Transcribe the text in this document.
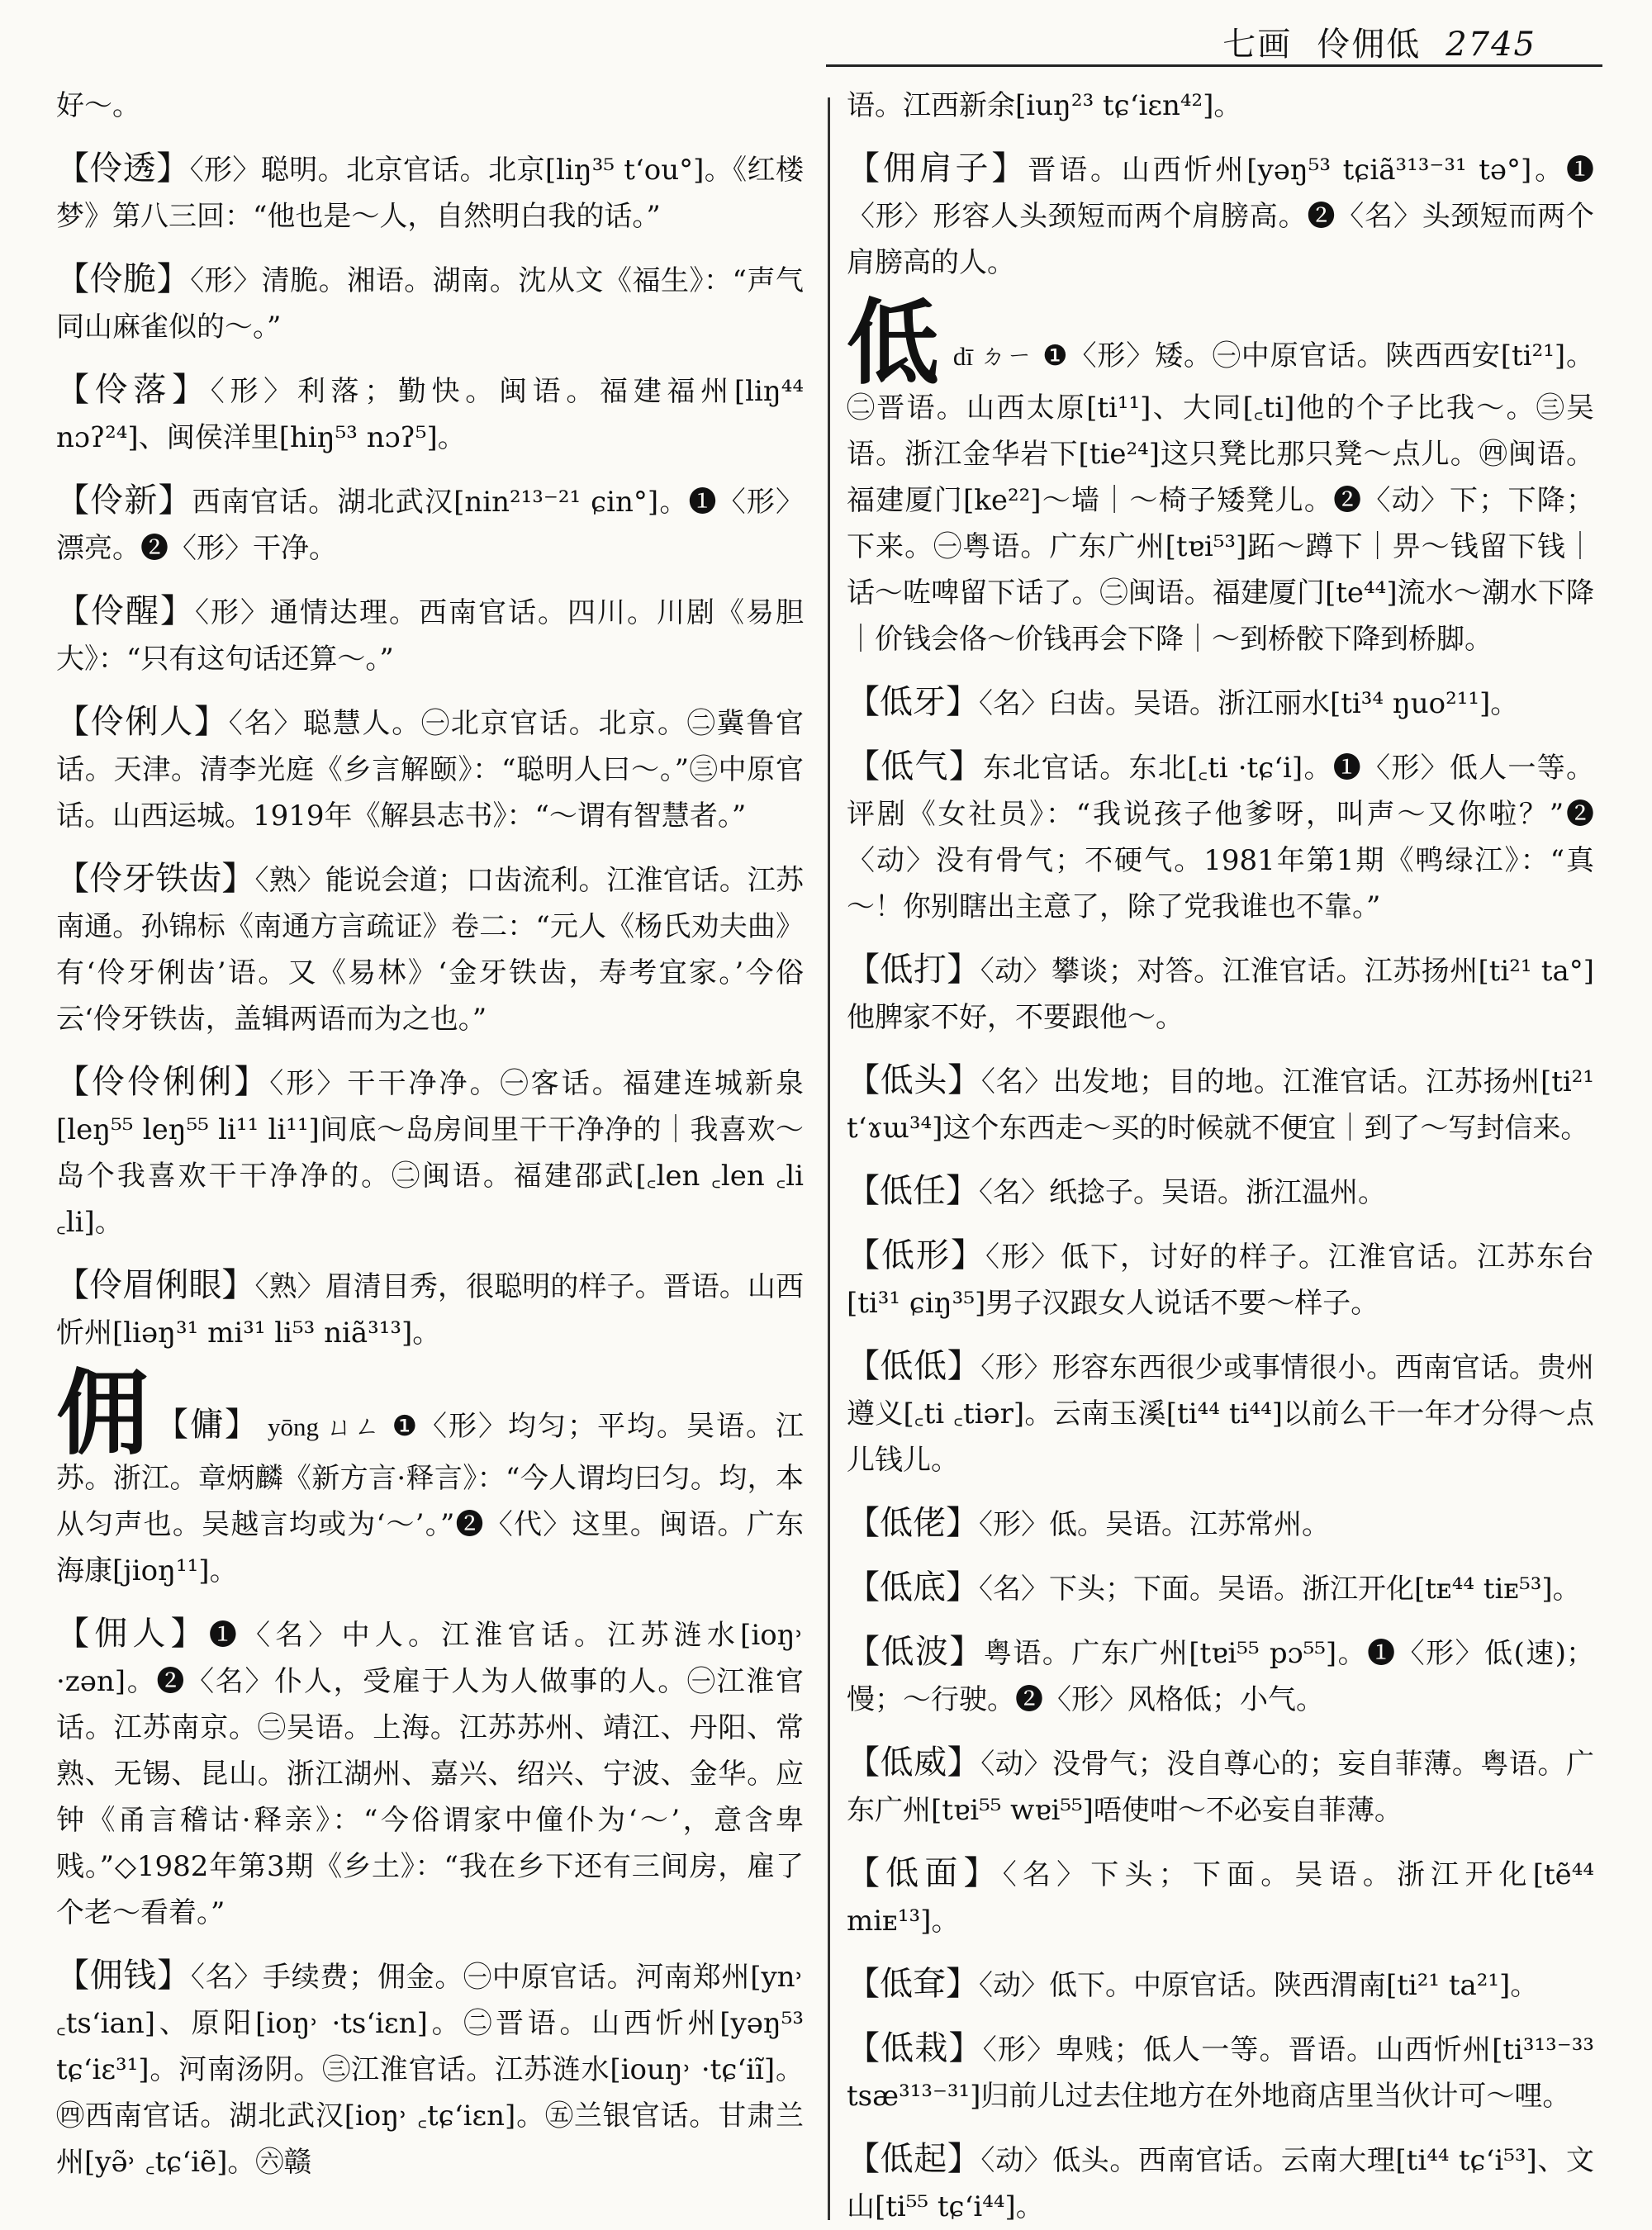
七画 伶佣低 2745

好～。

【伶透】〈形〉聪明。北京官话。北京[liŋ³⁵ t‘ou°]。《红楼梦》第八三回：“他也是～人，自然明白我的话。”

【伶脆】〈形〉清脆。湘语。湖南。沈从文《福生》：“声气同山麻雀似的～。”

【伶落】〈形〉利落；勤快。闽语。福建福州[liŋ⁴⁴ nɔʔ²⁴]、闽侯洋里[hiŋ⁵³ nɔʔ⁵]。

【伶新】西南官话。湖北武汉[nin²¹³⁻²¹ ɕin°]。❶〈形〉漂亮。❷〈形〉干净。

【伶醒】〈形〉通情达理。西南官话。四川。川剧《易胆大》：“只有这句话还算～。”

【伶俐人】〈名〉聪慧人。㊀北京官话。北京。㊁冀鲁官话。天津。清李光庭《乡言解颐》：“聪明人曰～。”㊂中原官话。山西运城。1919年《解县志书》：“～谓有智慧者。”

【伶牙铁齿】〈熟〉能说会道；口齿流利。江淮官话。江苏南通。孙锦标《南通方言疏证》卷二：“元人《杨氏劝夫曲》有‘伶牙俐齿’语。又《易林》‘金牙铁齿，寿考宜家。’今俗云‘伶牙铁齿，盖辑两语而为之也。”

【伶伶俐俐】〈形〉干干净净。㊀客话。福建连城新泉[leŋ⁵⁵ leŋ⁵⁵ li¹¹ li¹¹]间底～岛房间里干干净净的｜我喜欢～岛个我喜欢干干净净的。㊁闽语。福建邵武[꜀len ꜀len ꜀li ꜀li]。

【伶眉俐眼】〈熟〉眉清目秀，很聪明的样子。晋语。山西忻州[liəŋ³¹ mi³¹ li⁵³ niã³¹³]。

佣 【傭】 yōng ㄩㄥ ❶〈形〉均匀；平均。吴语。江苏。浙江。章炳麟《新方言·释言》：“今人谓均曰匀。均，本从匀声也。吴越言均或为‘～’。”❷〈代〉这里。闽语。广东海康[jioŋ¹¹]。

【佣人】❶〈名〉中人。江淮官话。江苏涟水[ioŋ˒ ·zən]。❷〈名〉仆人，受雇于人为人做事的人。㊀江淮官话。江苏南京。㊁吴语。上海。江苏苏州、靖江、丹阳、常熟、无锡、昆山。浙江湖州、嘉兴、绍兴、宁波、金华。应钟《甬言稽诂·释亲》：“今俗谓家中僮仆为‘～’，意含卑贱。”◇1982年第3期《乡土》：“我在乡下还有三间房，雇了个老～看着。”

【佣钱】〈名〉手续费；佣金。㊀中原官话。河南郑州[yn˒ ꜀tsʻian]、原阳[ioŋ˒ ·tsʻiɛn]。㊁晋语。山西忻州[yəŋ⁵³ tɕʻiɛ³¹]。河南汤阴。㊂江淮官话。江苏涟水[iouŋ˒ ·tɕʻiĩ]。㊃西南官话。湖北武汉[ioŋ˒ ꜀tɕʻiɛn]。㊄兰银官话。甘肃兰州[yə̃˒ ꜀tɕʻiẽ]。㊅赣

语。江西新余[iuŋ²³ tɕʻiɛn⁴²]。

【佣肩子】晋语。山西忻州[yəŋ⁵³ tɕiã³¹³⁻³¹ tə°]。❶〈形〉形容人头颈短而两个肩膀高。❷〈名〉头颈短而两个肩膀高的人。

低dī ㄉㄧ ❶〈形〉矮。㊀中原官话。陕西西安[ti²¹]。㊁晋语。山西太原[ti¹¹]、大同[꜀ti]他的个子比我～。㊂吴语。浙江金华岩下[tie²⁴]这只凳比那只凳～点儿。㊃闽语。福建厦门[ke²²]～墙｜～椅子矮凳儿。❷〈动〉下；下降；下来。㊀粤语。广东广州[tɐi⁵³]跖～蹲下｜畀～钱留下钱｜话～咗啤留下话了。㊁闽语。福建厦门[te⁴⁴]流水～潮水下降｜价钱会佫～价钱再会下降｜～到桥骹下降到桥脚。

【低牙】〈名〉臼齿。吴语。浙江丽水[ti³⁴ ŋuo²¹¹]。

【低气】东北官话。东北[꜀ti ·tɕʻi]。❶〈形〉低人一等。评剧《女社员》：“我说孩子他爹呀，叫声～又你啦？”❷〈动〉没有骨气；不硬气。1981年第1期《鸭绿江》：“真～！你别瞎出主意了，除了党我谁也不靠。”

【低打】〈动〉攀谈；对答。江淮官话。江苏扬州[ti²¹ ta°]他脾家不好，不要跟他～。

【低头】〈名〉出发地；目的地。江淮官话。江苏扬州[ti²¹ tʻɤɯ³⁴]这个东西走～买的时候就不便宜｜到了～写封信来。

【低任】〈名〉纸捻子。吴语。浙江温州。

【低形】〈形〉低下，讨好的样子。江淮官话。江苏东台[ti³¹ ɕiŋ³⁵]男子汉跟女人说话不要～样子。

【低低】〈形〉形容东西很少或事情很小。西南官话。贵州遵义[꜀ti ꜀tiər]。云南玉溪[ti⁴⁴ ti⁴⁴]以前么干一年才分得～点儿钱儿。

【低佬】〈形〉低。吴语。江苏常州。

【低底】〈名〉下头；下面。吴语。浙江开化[tᴇ⁴⁴ tiᴇ⁵³]。

【低波】粤语。广东广州[tɐi⁵⁵ pɔ⁵⁵]。❶〈形〉低(速)；慢；～行驶。❷〈形〉风格低；小气。

【低威】〈动〉没骨气；没自尊心的；妄自菲薄。粤语。广东广州[tɐi⁵⁵ wɐi⁵⁵]唔使咁～不必妄自菲薄。

【低面】〈名〉下头；下面。吴语。浙江开化[tẽ⁴⁴ miᴇ¹³]。

【低耷】〈动〉低下。中原官话。陕西渭南[ti²¹ ta²¹]。

【低栽】〈形〉卑贱；低人一等。晋语。山西忻州[ti³¹³⁻³³ tsæ³¹³⁻³¹]归前儿过去住地方在外地商店里当伙计可～哩。

【低起】〈动〉低头。西南官话。云南大理[ti⁴⁴ tɕʻi⁵³]、文山[ti⁵⁵ tɕʻi⁴⁴]。
